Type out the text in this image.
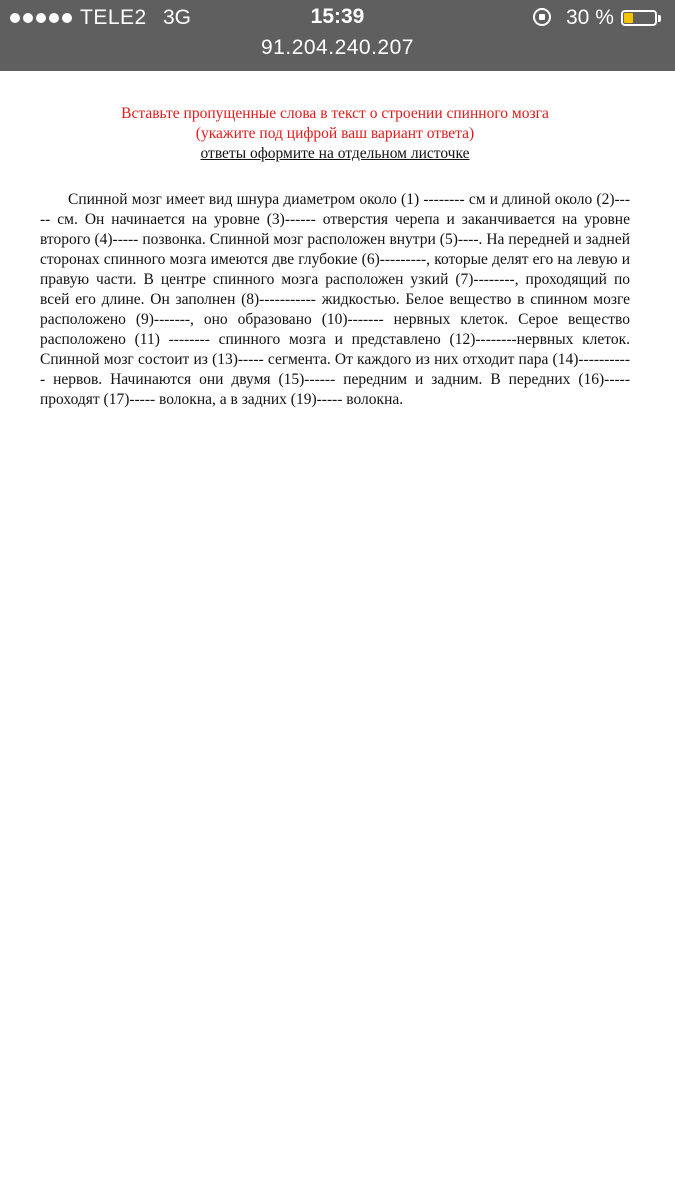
TELE2 3G	15:39	30 %
91.204.240.207
Вставьте пропущенные слова в текст о строении спинного мозга
(укажите под цифрой ваш вариант ответа)
ответы оформите на отдельном листочке

Спинной мозг имеет вид шнура диаметром около (1) -------- см и длиной около (2)----- см. Он начинается на уровне (3)------ отверстия черепа и заканчивается на уровне второго (4)----- позвонка. Спинной мозг расположен внутри (5)----. На передней и задней сторонах спинного мозга имеются две глубокие (6)---------, которые делят его на левую и правую части. В центре спинного мозга расположен узкий (7)--------, проходящий по всей его длине. Он заполнен (8)----------- жидкостью. Белое вещество в спинном мозге расположено (9)-------, оно образовано (10)------- нервных клеток. Серое вещество расположено (11) -------- спинного мозга и представлено (12)--------нервных клеток. Спинной мозг состоит из (13)----- сегмента. От каждого из них отходит пара (14)----------- нервов. Начинаются они двумя (15)------ передним и задним. В передних (16)----- проходят (17)----- волокна, а в задних (19)----- волокна.
